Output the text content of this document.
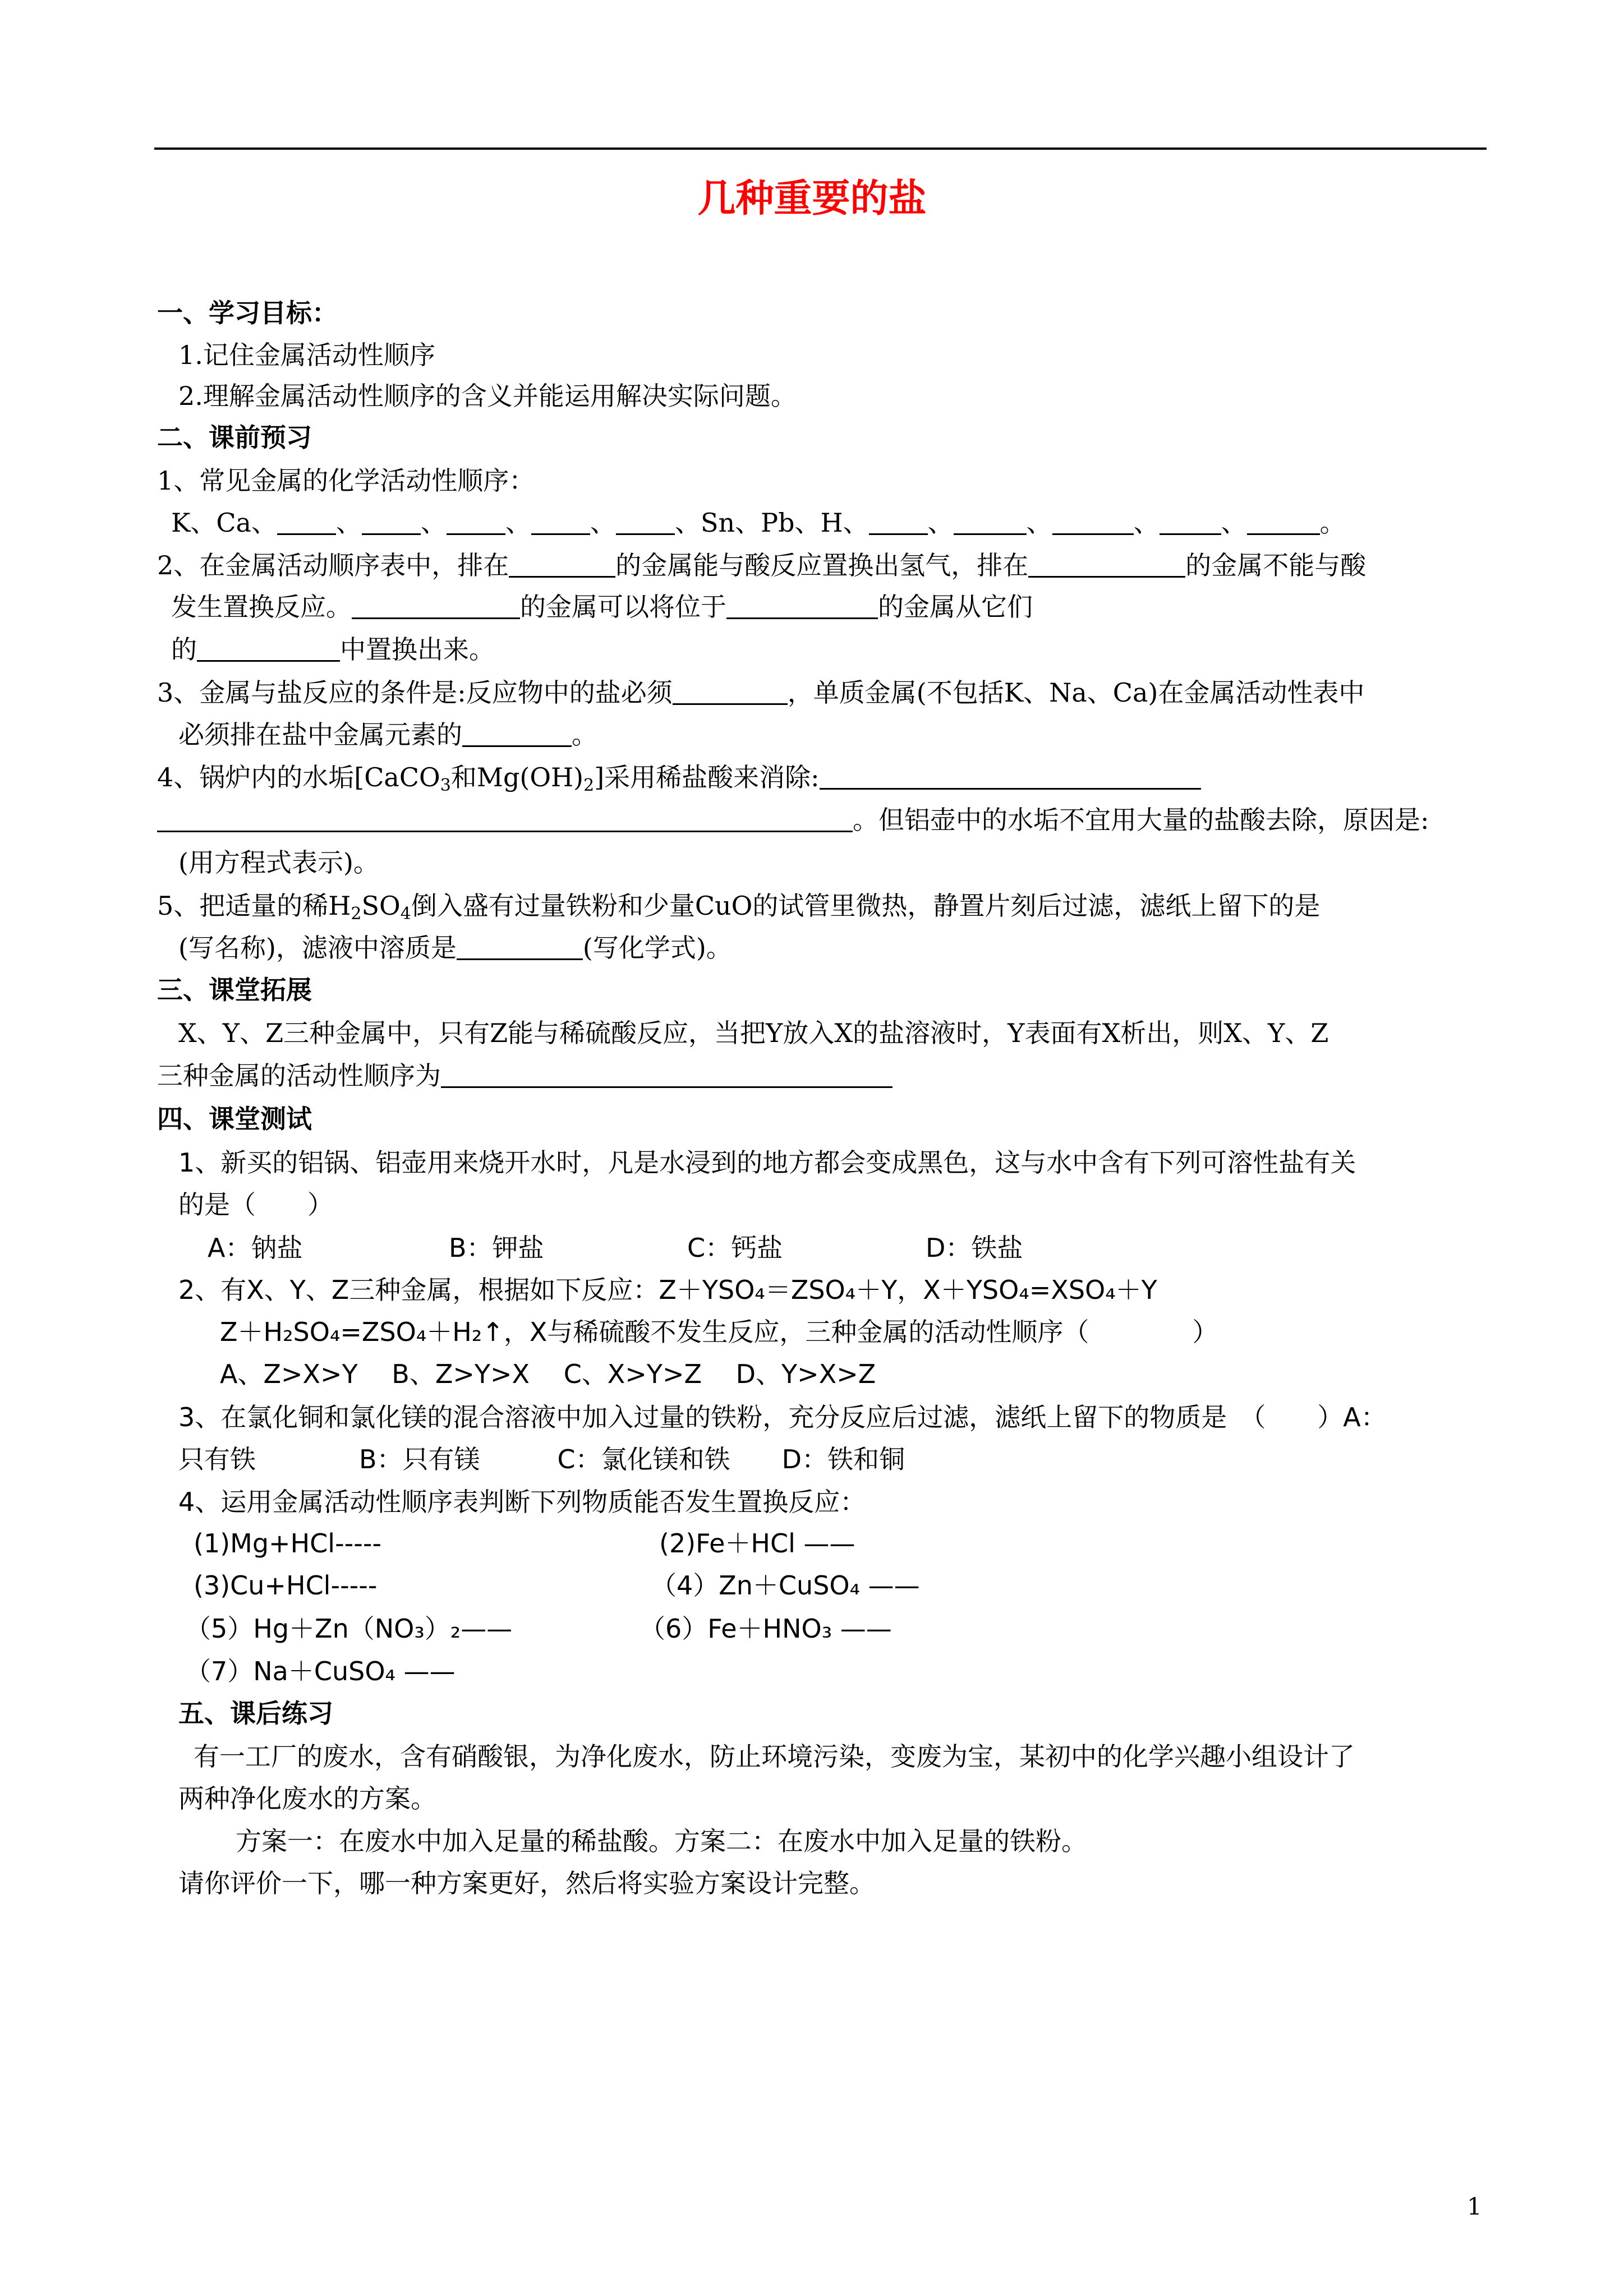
几种重要的盐
一、学习目标：
1.记住金属活动性顺序
2.理解金属活动性顺序的含义并能运用解决实际问题。
二、课前预习
1、常见金属的化学活动性顺序：
K、Ca、 、 、 、 、 、Sn、Pb、H、 、	、	、 、	。
2、在金属活动顺序表中，排在	的金属能与酸反应置换出氢气，排在	的金属不能与酸
发生置换反应。	的金属可以将位于	的金属从它们
的	中置换出来。
3、金属与盐反应的条件是:反应物中的盐必须	，单质金属(不包括K、Na、Ca)在金属活动性表中
必须排在盐中金属元素的	。
4、锅炉内的水垢[CaCO$_3$和$Mg(OH)_2$]采用稀盐酸来消除:
。但铝壶中的水垢不宜用大量的盐酸去除，原因是:
(用方程式表示)。
5、把适量的稀$H_2SO_4$倒入盛有过量铁粉和少量CuO的试管里微热，静置片刻后过滤，滤纸上留下的是
(写名称)，滤液中溶质是	(写化学式)。
三、课堂拓展
X、Y、Z三种金属中，只有Z能与稀硫酸反应，当把Y放入X的盐溶液时，Y表面有X析出，则X、Y、Z
三种金属的活动性顺序为
四、课堂测试
1、新买的铝锅、铝壶用来烧开水时，凡是水浸到的地方都会变成黑色，这与水中含有下列可溶性盐有关
的是（　　）
A：钠盐	B：钾盐	C：钙盐	D：铁盐
2、有X、Y、Z三种金属，根据如下反应：Z＋YSO₄＝ZSO₄＋Y，X＋YSO₄=XSO₄＋Y
Z＋H₂SO₄=ZSO₄＋H₂↑，X与稀硫酸不发生反应，三种金属的活动性顺序（　　　　）
A、Z>X>Y　 B、Z>Y>X　 C、X>Y>Z　 D、Y>X>Z
3、在氯化铜和氯化镁的混合溶液中加入过量的铁粉，充分反应后过滤，滤纸上留下的物质是　（　　）A：
只有铁　　　　B：只有镁　　　C：氯化镁和铁　　D：铁和铜
4、运用金属活动性顺序表判断下列物质能否发生置换反应：
(1)Mg+HCl-----	(2)Fe＋HCl ——
(3)Cu+HCl-----	（4）Zn＋CuSO₄ ——
（5）Hg＋Zn（NO₃）₂——	（6）Fe＋HNO₃ ——
（7）Na＋CuSO₄ ——
五、课后练习
有一工厂的废水，含有硝酸银，为净化废水，防止环境污染，变废为宝，某初中的化学兴趣小组设计了
两种净化废水的方案。
方案一：在废水中加入足量的稀盐酸。方案二：在废水中加入足量的铁粉。
请你评价一下，哪一种方案更好，然后将实验方案设计完整。
1
